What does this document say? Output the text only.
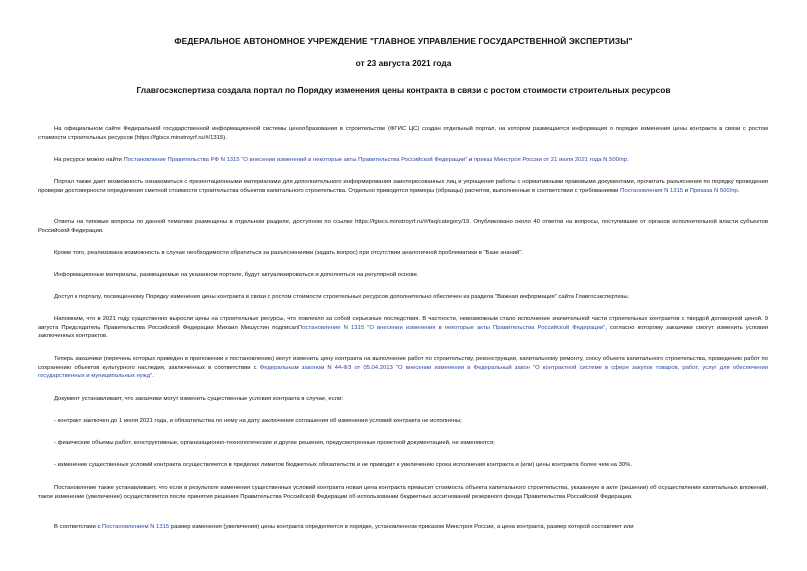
ФЕДЕРАЛЬНОЕ АВТОНОМНОЕ УЧРЕЖДЕНИЕ "ГЛАВНОЕ УПРАВЛЕНИЕ ГОСУДАРСТВЕННОЙ ЭКСПЕРТИЗЫ"
от 23 августа 2021 года
Главгосэкспертиза создала портал по Порядку изменения цены контракта в связи с ростом стоимости строительных ресурсов

На официальном сайте Федеральной государственной информационной системы ценообразования в строительстве (ФГИС ЦС) создан отдельный портал, на котором размещается информация о порядке изменения цены контракта в связи с ростом стоимости строительных ресурсов (https://fgiscs.minstroyrf.ru/#/1315).

На ресурсе можно найти Постановление Правительства РФ N 1315 "О внесении изменений в некоторые акты Правительства Российской Федерации" и приказ Минстроя России от 21 июля 2021 года N 500/пр.

Портал также дает возможность ознакомиться с презентационными материалами для дополнительного информирования заинтересованных лиц и упрощения работы с нормативными правовыми документами, прочитать разъяснения по порядку проведения проверки достоверности определения сметной стоимости строительства объектов капитального строительства. Отдельно приводятся примеры (образцы) расчетов, выполненные в соответствии с требованиями Постановления N 1315 и Приказа N 500/пр.

Ответы на типовые вопросы по данной тематике размещены в отдельном разделе, доступном по ссылке https://fgiscs.minstroyrf.ru/#/faq/category/19. Опубликовано около 40 ответов на вопросы, поступившие от органов исполнительной власти субъектов Российской Федерации.

Кроме того, реализована возможность в случае необходимости обратиться за разъяснениями (задать вопрос) при отсутствии аналогичной проблематики в "Базе знаний".

Информационные материалы, размещаемые на указанном портале, будут актуализироваться и дополняться на регулярной основе.

Доступ к порталу, посвященному Порядку изменения цены контракта в связи с ростом стоимости строительных ресурсов дополнительно обеспечен из раздела "Важная информация" сайта Главгосэкспертизы.

Напомним, что в 2021 году существенно выросли цены на строительные ресурсы, что повлекло за собой серьезные последствия. В частности, невозможным стало исполнение значительной части строительных контрактов с твердой договорной ценой. 9 августа Председатель Правительства Российской Федерации Михаил Мишустин подписалПостановление N 1315 "О внесении изменения в некоторые акты Правительства Российской Федерации", согласно которому заказчики смогут изменить условия заключенных контрактов.

Теперь заказчики (перечень которых приведен в приложении к постановлению) могут изменить цену контракта на выполнение работ по строительству, реконструкции, капитальному ремонту, сносу объекта капитального строительства, проведению работ по сохранению объектов культурного наследия, заключенных в соответствии с Федеральным законом N 44-ФЗ от 05.04.2013 "О внесении изменения в Федеральный закон "О контрактной системе в сфере закупок товаров, работ, услуг для обеспечения государственных и муниципальных нужд".

Документ устанавливает, что заказчики могут изменить существенные условия контракта в случае, если:

- контракт заключен до 1 июля 2021 года, и обязательства по нему на дату заключения соглашения об изменении условий контракта не исполнены;

- физические объемы работ, конструктивные, организационно-технологические и другие решения, предусмотренные проектной документацией, не изменяются;

- изменение существенных условий контракта осуществляется в пределах лимитов бюджетных обязательств и не приводит к увеличению срока исполнения контракта и (или) цены контракта более чем на 30%.

Постановление также устанавливает, что если в результате изменения существенных условий контракта новая цена контракта превысит стоимость объекта капитального строительства, указанную в акте (решении) об осуществлении капитальных вложений, такое изменение (увеличение) осуществляется после принятия решения Правительства Российской Федерации об использовании бюджетных ассигнований резервного фонда Правительства Российской Федерации.

В соответствии с Постановлением N 1315 размер изменения (увеличения) цены контракта определяется в порядке, установленном приказом Минстроя России, а цена контракта, размер которой составляет или
